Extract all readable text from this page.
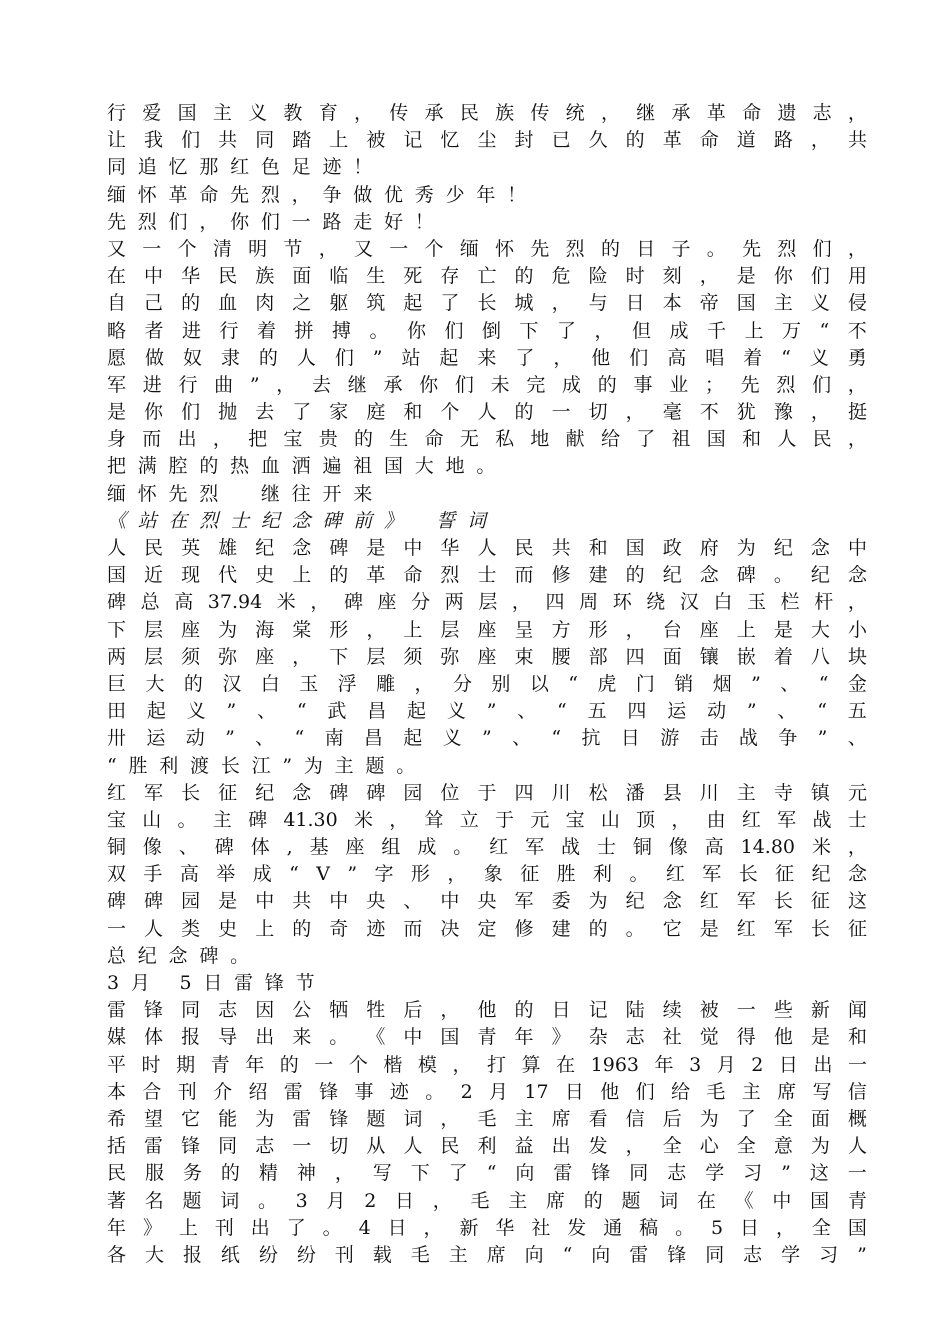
行 爱 国 主 义 教 育 ， 传 承 民 族 传 统 ， 继 承 革 命 遗 志 ，
让 我 们 共 同 踏 上 被 记 忆 尘 封 已 久 的 革 命 道 路 ， 共
同追忆那红色足迹！
缅怀革命先烈，争做优秀少年！
先烈们，你们一路走好！
又 一 个 清 明 节 ， 又 一 个 缅 怀 先 烈 的 日 子 。 先 烈 们 ，
在 中 华 民 族 面 临 生 死 存 亡 的 危 险 时 刻 ， 是 你 们 用
自 己 的 血 肉 之 躯 筑 起 了 长 城 ， 与 日 本 帝 国 主 义 侵
略 者 进 行 着 拼 搏 。 你 们 倒 下 了 ， 但 成 千 上 万 “ 不
愿 做 奴 隶 的 人 们 ” 站 起 来 了 ， 他 们 高 唱 着 “ 义 勇
军 进 行 曲 ” ， 去 继 承 你 们 未 完 成 的 事 业 ； 先 烈 们 ，
是 你 们 抛 去 了 家 庭 和 个 人 的 一 切 ， 毫 不 犹 豫 ， 挺
身 而 出 ， 把 宝 贵 的 生 命 无 私 地 献 给 了 祖 国 和 人 民 ，
把满腔的热血洒遍祖国大地。
缅怀先烈　继往开来
《站在烈士纪念碑前》　誓词
人 民 英 雄 纪 念 碑 是 中 华 人 民 共 和 国 政 府 为 纪 念 中
国 近 现 代 史 上 的 革 命 烈 士 而 修 建 的 纪 念 碑 。 纪 念
碑 总 高 37.94 米 ， 碑 座 分 两 层 ， 四 周 环 绕 汉 白 玉 栏 杆 ，
下 层 座 为 海 棠 形 ， 上 层 座 呈 方 形 ， 台 座 上 是 大 小
两 层 须 弥 座 ， 下 层 须 弥 座 束 腰 部 四 面 镶 嵌 着 八 块
巨 大 的 汉 白 玉 浮 雕 ， 分 别 以 “ 虎 门 销 烟 ” 、 “ 金
田 起 义 ” 、 “ 武 昌 起 义 ” 、 “ 五 四 运 动 ” 、 “ 五
卅 运 动 ” 、 “ 南 昌 起 义 ” 、 “ 抗 日 游 击 战 争 ” 、
“胜利渡长江”为主题。
红 军 长 征 纪 念 碑 碑 园 位 于 四 川 松 潘 县 川 主 寺 镇 元
宝 山 。 主 碑 41.30 米 ， 耸 立 于 元 宝 山 顶 ， 由 红 军 战 士
铜 像 、 碑 体 , 基 座 组 成 。 红 军 战 士 铜 像 高 14.80 米 ，
双 手 高 举 成 “ V ” 字 形 ， 象 征 胜 利 。 红 军 长 征 纪 念
碑 碑 园 是 中 共 中 央 、 中 央 军 委 为 纪 念 红 军 长 征 这
一 人 类 史 上 的 奇 迹 而 决 定 修 建 的 。 它 是 红 军 长 征
总纪念碑。
3月 5日雷锋节
雷 锋 同 志 因 公 牺 牲 后 ， 他 的 日 记 陆 续 被 一 些 新 闻
媒 体 报 导 出 来 。 《 中 国 青 年 》 杂 志 社 觉 得 他 是 和
平 时 期 青 年 的 一 个 楷 模 ， 打 算 在 1963 年 3 月 2 日 出 一
本 合 刊 介 绍 雷 锋 事 迹 。 2 月 17 日 他 们 给 毛 主 席 写 信
希 望 它 能 为 雷 锋 题 词 ， 毛 主 席 看 信 后 为 了 全 面 概
括 雷 锋 同 志 一 切 从 人 民 利 益 出 发 ， 全 心 全 意 为 人
民 服 务 的 精 神 ， 写 下 了 “ 向 雷 锋 同 志 学 习 ” 这 一
著 名 题 词 。 3 月 2 日 ， 毛 主 席 的 题 词 在 《 中 国 青
年 》 上 刊 出 了 。 4 日 ， 新 华 社 发 通 稿 。 5 日 ， 全 国
各 大 报 纸 纷 纷 刊 载 毛 主 席 向 “ 向 雷 锋 同 志 学 习 ”
